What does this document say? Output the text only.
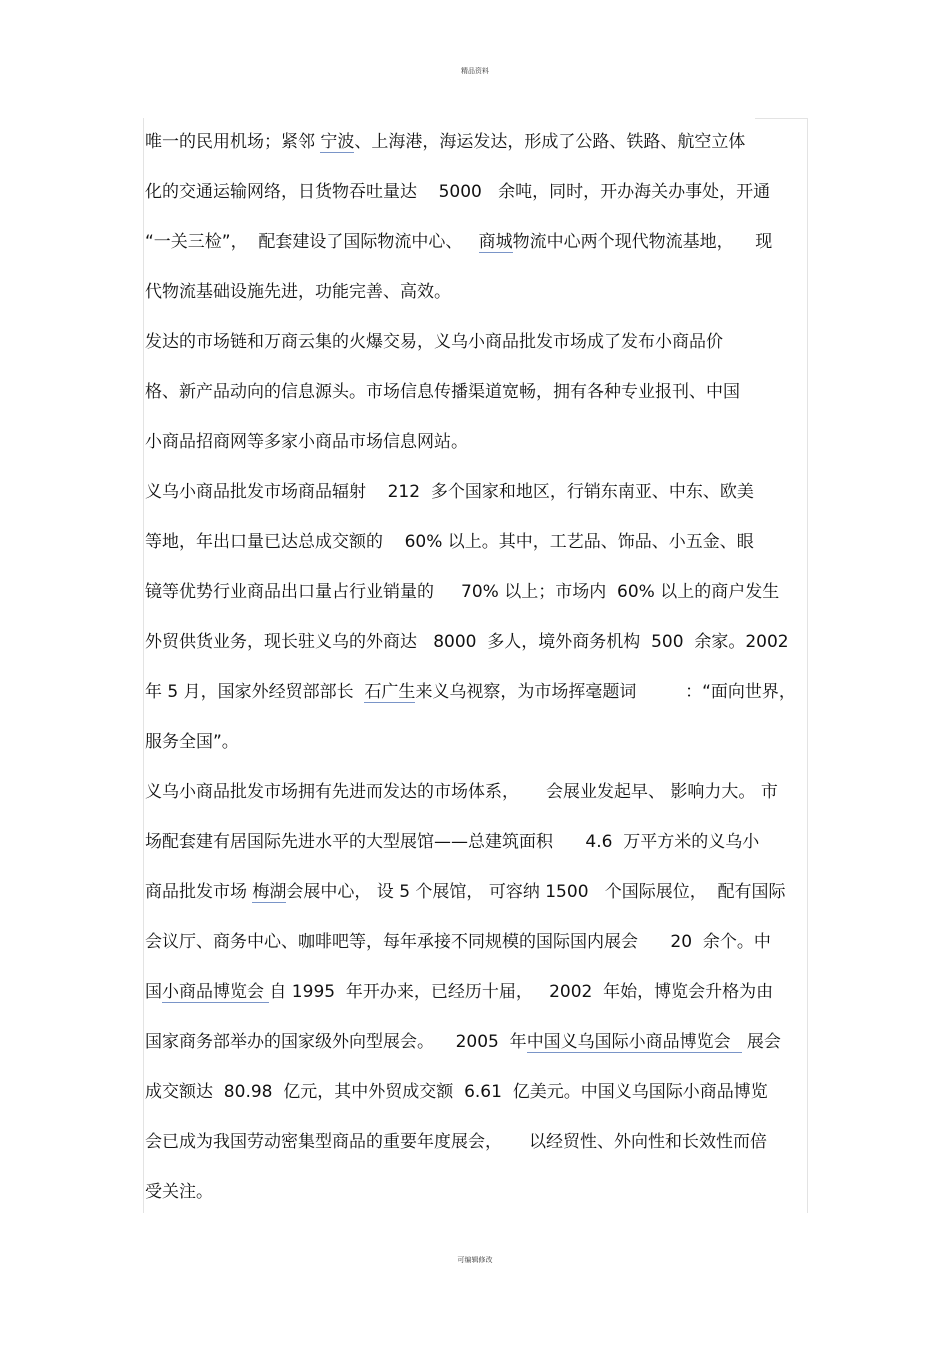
精品资料
唯一的民用机场；紧邻 宁波、上海港，海运发达，形成了公路、铁路、航空立体
化的交通运输网络，日货物吞吐量达    5000   余吨，同时，开办海关办事处，开通
“一关三检”，  配套建设了国际物流中心、   商城物流中心两个现代物流基地，    现
代物流基础设施先进，功能完善、高效。
发达的市场链和万商云集的火爆交易，义乌小商品批发市场成了发布小商品价
格、新产品动向的信息源头。市场信息传播渠道宽畅，拥有各种专业报刊、中国
小商品招商网等多家小商品市场信息网站。
义乌小商品批发市场商品辐射    212  多个国家和地区，行销东南亚、中东、欧美
等地，年出口量已达总成交额的    60% 以上。其中，工艺品、饰品、小五金、眼
镜等优势行业商品出口量占行业销量的     70% 以上；市场内  60% 以上的商户发生
外贸供货业务，现长驻义乌的外商达   8000  多人，境外商务机构  500  余家。2002
年 5 月，国家外经贸部部长  石广生来义乌视察，为市场挥毫题词         ：“面向世界，
服务全国”。
义乌小商品批发市场拥有先进而发达的市场体系，     会展业发起早、 影响力大。 市
场配套建有居国际先进水平的大型展馆——总建筑面积      4.6  万平方米的义乌小
商品批发市场 梅湖会展中心， 设 5 个展馆， 可容纳 1500   个国际展位，  配有国际
会议厅、商务中心、咖啡吧等，每年承接不同规模的国际国内展会      20  余个。中
国小商品博览会 自 1995  年开办来，已经历十届，   2002  年始，博览会升格为由
国家商务部举办的国家级外向型展会。    2005  年中国义乌国际小商品博览会   展会
成交额达  80.98  亿元，其中外贸成交额  6.61  亿美元。中国义乌国际小商品博览
会已成为我国劳动密集型商品的重要年度展会，     以经贸性、外向性和长效性而倍
受关注。
可编辑修改
